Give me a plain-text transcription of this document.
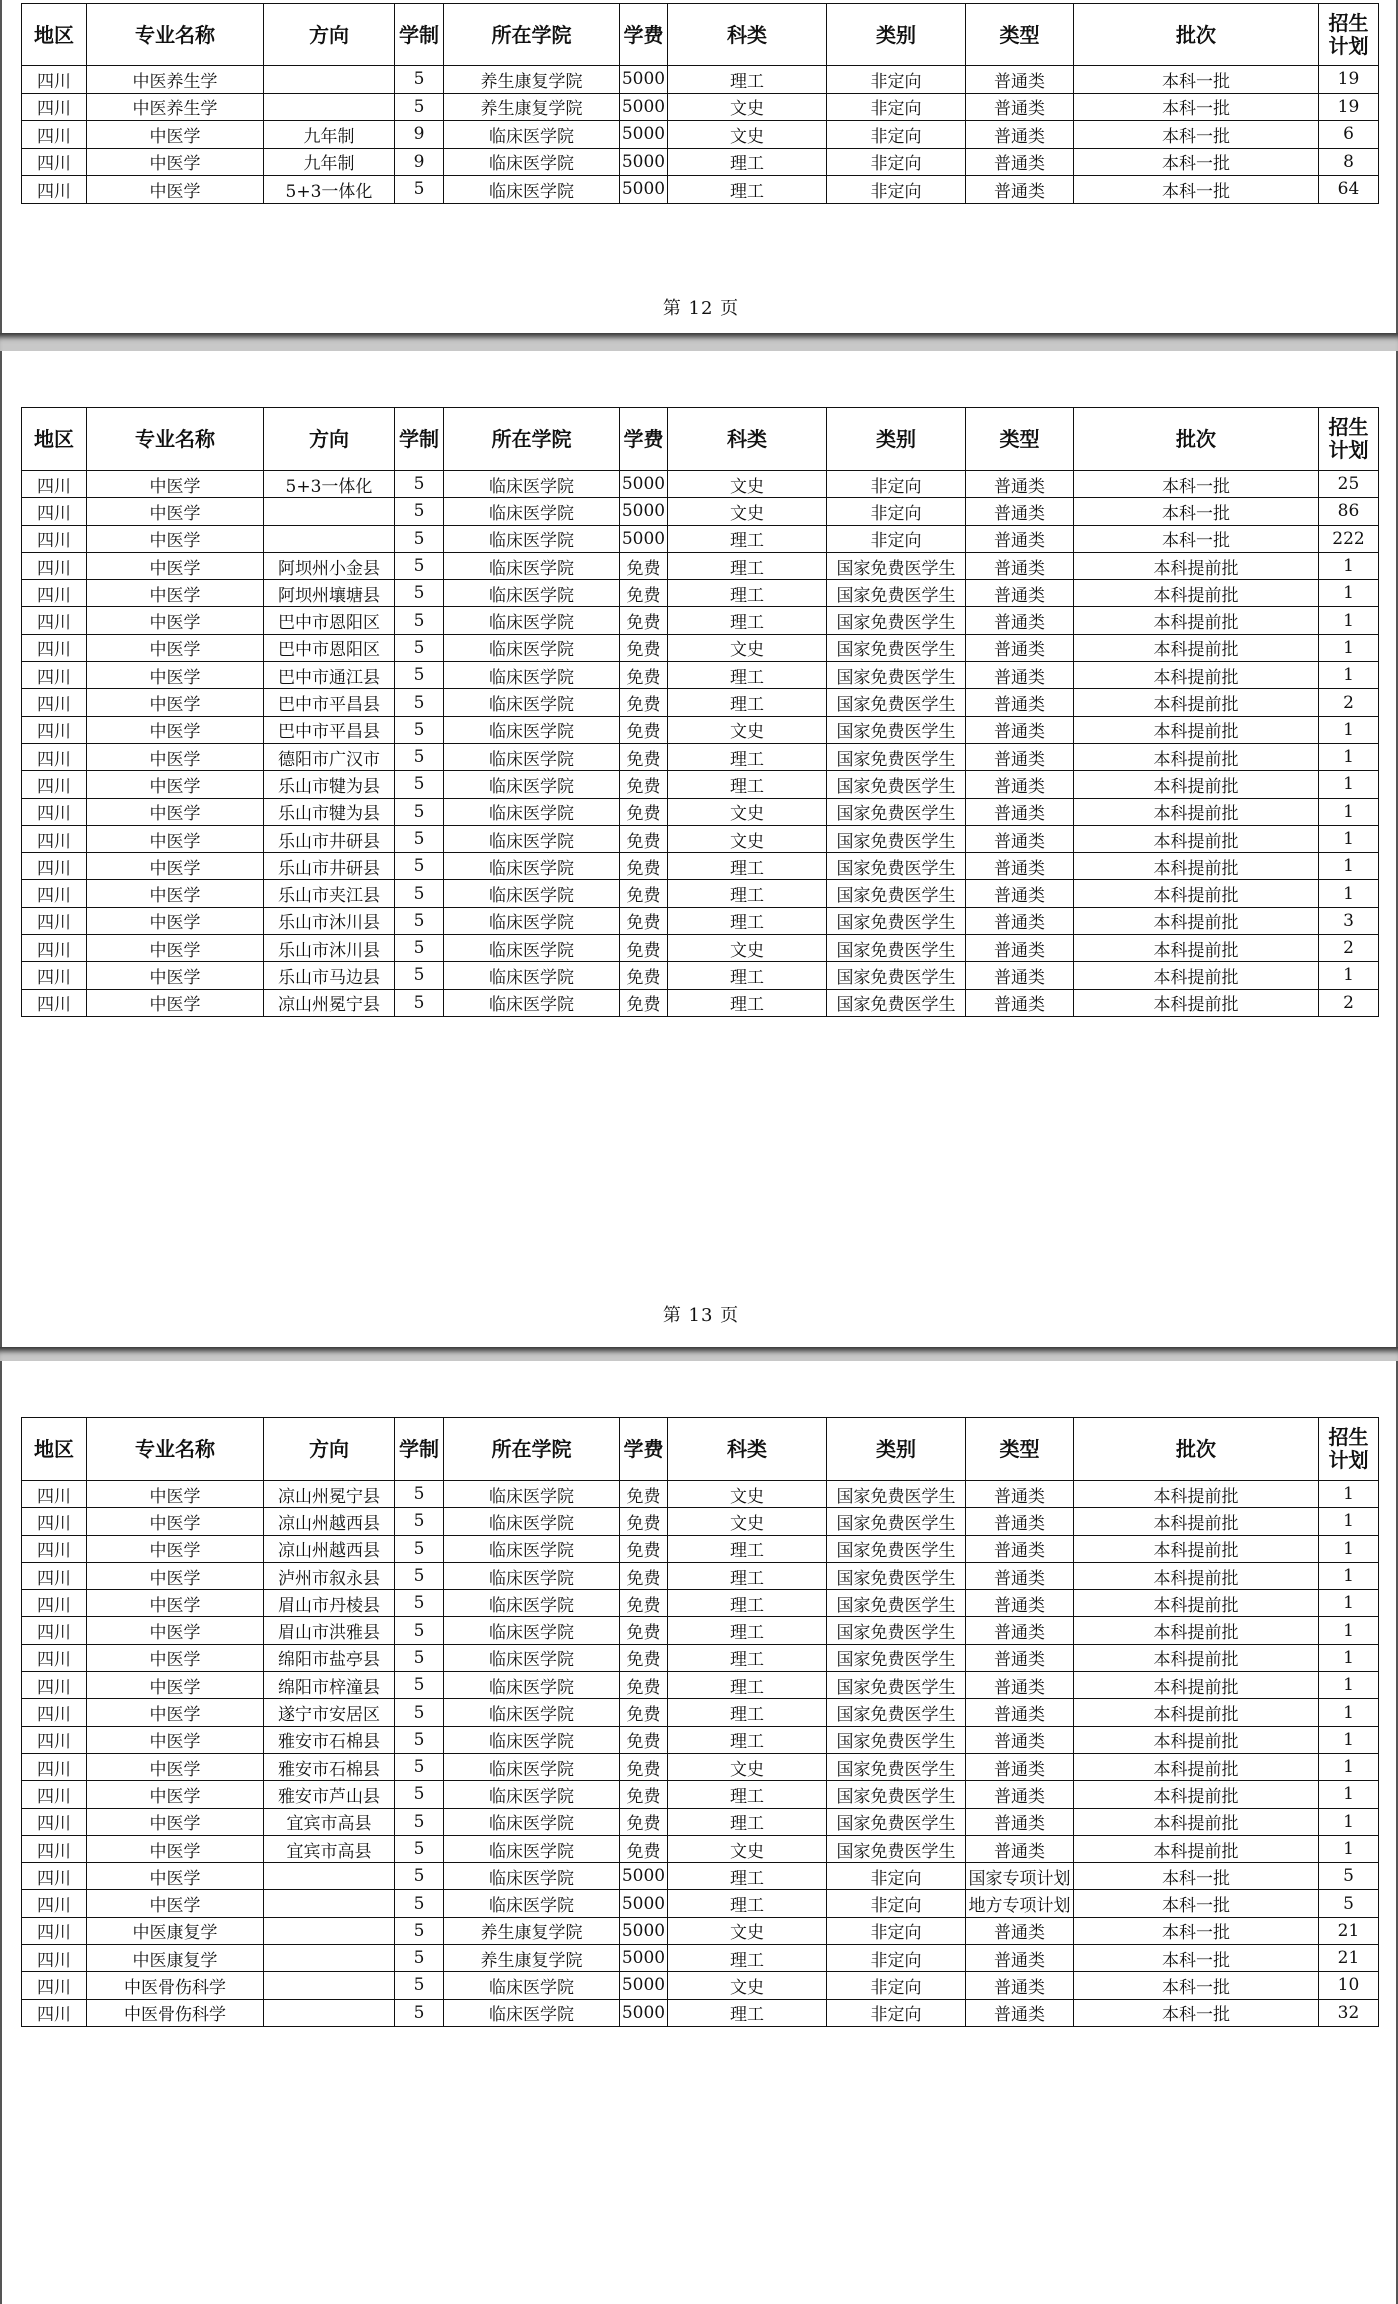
地区	专业名称	方向	学制	所在学院	学费	科类	类别	类型	批次	招生
计划
四川	中医养生学		5	养生康复学院	5000	理工	非定向	普通类	本科一批	19
四川	中医养生学		5	养生康复学院	5000	文史	非定向	普通类	本科一批	19
四川	中医学	九年制	9	临床医学院	5000	文史	非定向	普通类	本科一批	6
四川	中医学	九年制	9	临床医学院	5000	理工	非定向	普通类	本科一批	8
四川	中医学	5+3一体化	5	临床医学院	5000	理工	非定向	普通类	本科一批	64
第 12 页
地区	专业名称	方向	学制	所在学院	学费	科类	类别	类型	批次	招生
计划
四川	中医学	5+3一体化	5	临床医学院	5000	文史	非定向	普通类	本科一批	25
四川	中医学		5	临床医学院	5000	文史	非定向	普通类	本科一批	86
四川	中医学		5	临床医学院	5000	理工	非定向	普通类	本科一批	222
四川	中医学	阿坝州小金县	5	临床医学院	免费	理工	国家免费医学生	普通类	本科提前批	1
四川	中医学	阿坝州壤塘县	5	临床医学院	免费	理工	国家免费医学生	普通类	本科提前批	1
四川	中医学	巴中市恩阳区	5	临床医学院	免费	理工	国家免费医学生	普通类	本科提前批	1
四川	中医学	巴中市恩阳区	5	临床医学院	免费	文史	国家免费医学生	普通类	本科提前批	1
四川	中医学	巴中市通江县	5	临床医学院	免费	理工	国家免费医学生	普通类	本科提前批	1
四川	中医学	巴中市平昌县	5	临床医学院	免费	理工	国家免费医学生	普通类	本科提前批	2
四川	中医学	巴中市平昌县	5	临床医学院	免费	文史	国家免费医学生	普通类	本科提前批	1
四川	中医学	德阳市广汉市	5	临床医学院	免费	理工	国家免费医学生	普通类	本科提前批	1
四川	中医学	乐山市犍为县	5	临床医学院	免费	理工	国家免费医学生	普通类	本科提前批	1
四川	中医学	乐山市犍为县	5	临床医学院	免费	文史	国家免费医学生	普通类	本科提前批	1
四川	中医学	乐山市井研县	5	临床医学院	免费	文史	国家免费医学生	普通类	本科提前批	1
四川	中医学	乐山市井研县	5	临床医学院	免费	理工	国家免费医学生	普通类	本科提前批	1
四川	中医学	乐山市夹江县	5	临床医学院	免费	理工	国家免费医学生	普通类	本科提前批	1
四川	中医学	乐山市沐川县	5	临床医学院	免费	理工	国家免费医学生	普通类	本科提前批	3
四川	中医学	乐山市沐川县	5	临床医学院	免费	文史	国家免费医学生	普通类	本科提前批	2
四川	中医学	乐山市马边县	5	临床医学院	免费	理工	国家免费医学生	普通类	本科提前批	1
四川	中医学	凉山州冕宁县	5	临床医学院	免费	理工	国家免费医学生	普通类	本科提前批	2
第 13 页
地区	专业名称	方向	学制	所在学院	学费	科类	类别	类型	批次	招生
计划
四川	中医学	凉山州冕宁县	5	临床医学院	免费	文史	国家免费医学生	普通类	本科提前批	1
四川	中医学	凉山州越西县	5	临床医学院	免费	文史	国家免费医学生	普通类	本科提前批	1
四川	中医学	凉山州越西县	5	临床医学院	免费	理工	国家免费医学生	普通类	本科提前批	1
四川	中医学	泸州市叙永县	5	临床医学院	免费	理工	国家免费医学生	普通类	本科提前批	1
四川	中医学	眉山市丹棱县	5	临床医学院	免费	理工	国家免费医学生	普通类	本科提前批	1
四川	中医学	眉山市洪雅县	5	临床医学院	免费	理工	国家免费医学生	普通类	本科提前批	1
四川	中医学	绵阳市盐亭县	5	临床医学院	免费	理工	国家免费医学生	普通类	本科提前批	1
四川	中医学	绵阳市梓潼县	5	临床医学院	免费	理工	国家免费医学生	普通类	本科提前批	1
四川	中医学	遂宁市安居区	5	临床医学院	免费	理工	国家免费医学生	普通类	本科提前批	1
四川	中医学	雅安市石棉县	5	临床医学院	免费	理工	国家免费医学生	普通类	本科提前批	1
四川	中医学	雅安市石棉县	5	临床医学院	免费	文史	国家免费医学生	普通类	本科提前批	1
四川	中医学	雅安市芦山县	5	临床医学院	免费	理工	国家免费医学生	普通类	本科提前批	1
四川	中医学	宜宾市高县	5	临床医学院	免费	理工	国家免费医学生	普通类	本科提前批	1
四川	中医学	宜宾市高县	5	临床医学院	免费	文史	国家免费医学生	普通类	本科提前批	1
四川	中医学		5	临床医学院	5000	理工	非定向	国家专项计划	本科一批	5
四川	中医学		5	临床医学院	5000	理工	非定向	地方专项计划	本科一批	5
四川	中医康复学		5	养生康复学院	5000	文史	非定向	普通类	本科一批	21
四川	中医康复学		5	养生康复学院	5000	理工	非定向	普通类	本科一批	21
四川	中医骨伤科学		5	临床医学院	5000	文史	非定向	普通类	本科一批	10
四川	中医骨伤科学		5	临床医学院	5000	理工	非定向	普通类	本科一批	32
